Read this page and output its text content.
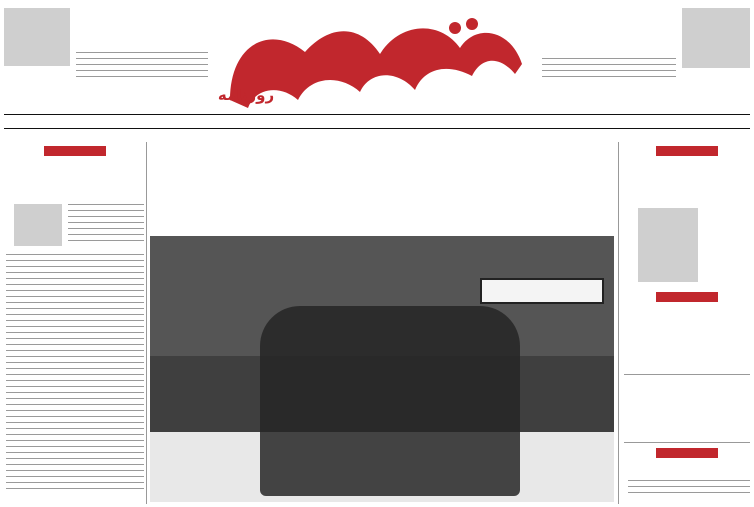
روزنامه
